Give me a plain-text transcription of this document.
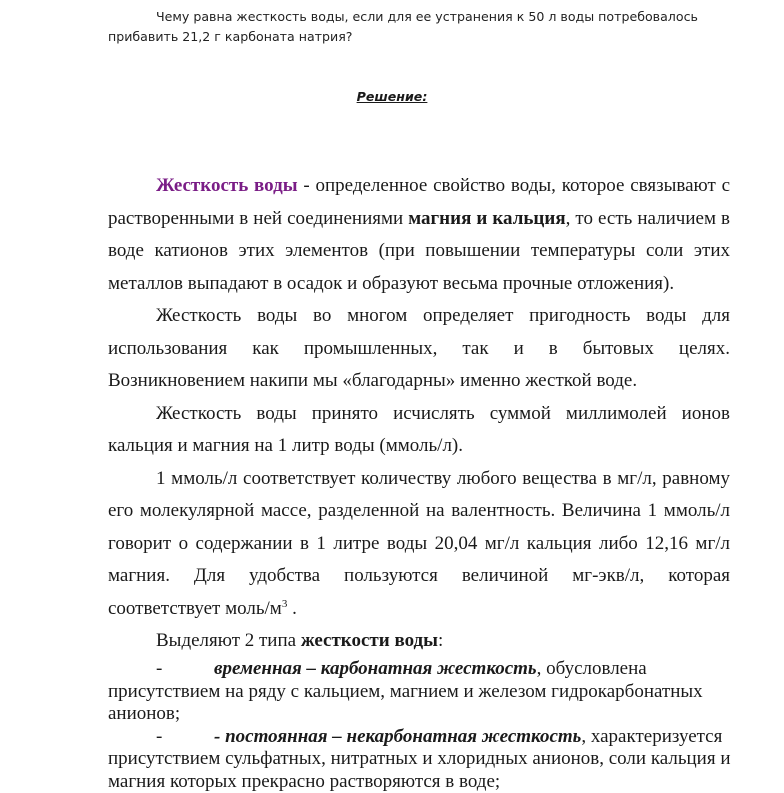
Чему равна жесткость воды, если для ее устранения к 50 л воды потребовалось прибавить 21,2 г карбоната натрия?
Решение:

Жесткость воды - определенное свойство воды, которое связывают с растворенными в ней соединениями магния и кальция, то есть наличием в воде катионов этих элементов (при повышении температуры соли этих металлов выпадают в осадок и образуют весьма прочные отложения).

Жесткость воды во многом определяет пригодность воды для использования как промышленных, так и в бытовых целях. Возникновением накипи мы «благодарны» именно жесткой воде.

Жесткость воды принято исчислять суммой миллимолей ионов кальция и магния на 1 литр воды (ммоль/л).

1 ммоль/л соответствует количеству любого вещества в мг/л, равному его молекулярной массе, разделенной на валентность. Величина 1 ммоль/л говорит о содержании в 1 литре воды 20,04 мг/л кальция либо 12,16 мг/л магния. Для удобства пользуются величиной мг-экв/л, которая соответствует моль/$м^3$ .

Выделяют 2 типа жесткости воды:

-	временная – карбонатная жесткость, обусловлена присутствием на ряду с кальцием, магнием и железом гидрокарбонатных анионов;

-	- постоянная – некарбонатная жесткость, характеризуется присутствием сульфатных, нитратных и хлоридных анионов, соли кальция и магния которых прекрасно растворяются в воде;
